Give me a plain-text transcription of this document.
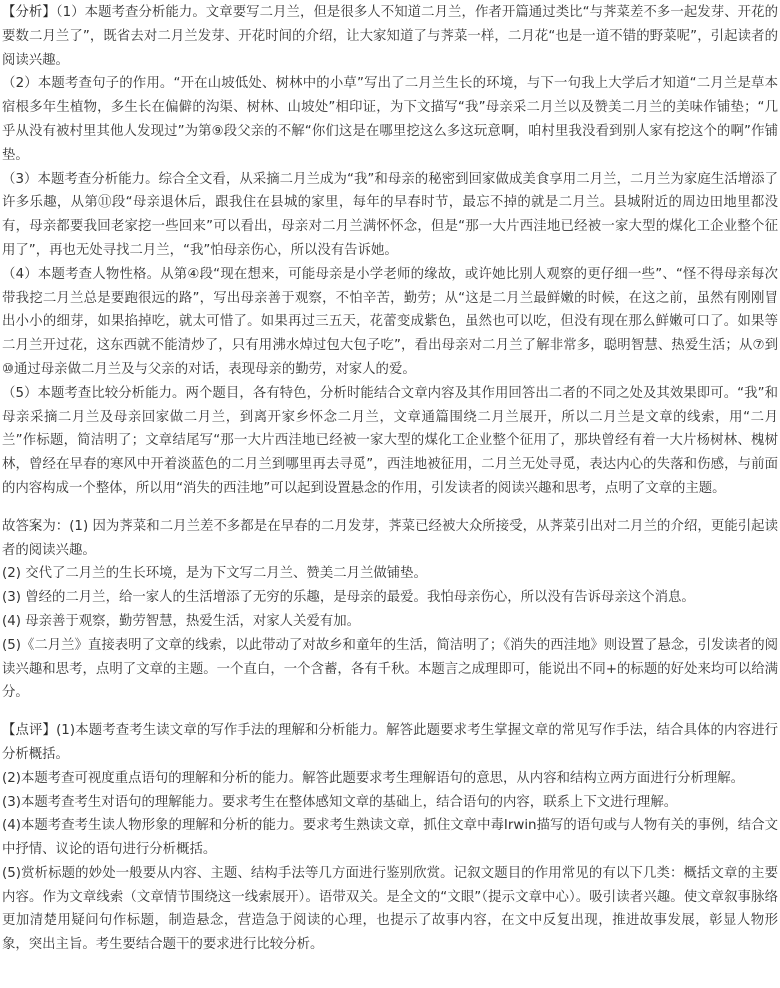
【分析】（1）本题考查分析能力。文章要写二月兰，但是很多人不知道二月兰，作者开篇通过类比“与荠菜差不多一起发芽、开花的要数二月兰了”，既省去对二月兰发芽、开花时间的介绍，让大家知道了与荠菜一样，二月花“也是一道不错的野菜呢”，引起读者的阅读兴趣。

（2）本题考查句子的作用。“开在山坡低处、树林中的小草”写出了二月兰生长的环境，与下一句我上大学后才知道“二月兰是草本宿根多年生植物，多生长在偏僻的沟渠、树林、山坡处”相印证，为下文描写“我”母亲采二月兰以及赞美二月兰的美味作铺垫；“几乎从没有被村里其他人发现过”为第⑨段父亲的不解“你们这是在哪里挖这么多这玩意啊，咱村里我没看到别人家有挖这个的啊”作铺垫。

（3）本题考查分析能力。综合全文看，从采摘二月兰成为“我”和母亲的秘密到回家做成美食享用二月兰，二月兰为家庭生活增添了许多乐趣，从第⑪段“母亲退休后，跟我住在县城的家里，每年的早春时节，最忘不掉的就是二月兰。县城附近的周边田地里都没有，母亲都要我回老家挖一些回来”可以看出，母亲对二月兰满怀怀念，但是“那一大片西洼地已经被一家大型的煤化工企业整个征用了”，再也无处寻找二月兰，“我”怕母亲伤心，所以没有告诉她。

（4）本题考查人物性格。从第④段“现在想来，可能母亲是小学老师的缘故，或许她比别人观察的更仔细一些”、“怪不得母亲每次带我挖二月兰总是要跑很远的路”，写出母亲善于观察，不怕辛苦，勤劳；从“这是二月兰最鲜嫩的时候，在这之前，虽然有刚刚冒出小小的细芽，如果掐掉吃，就太可惜了。如果再过三五天，花蕾变成紫色，虽然也可以吃，但没有现在那么鲜嫩可口了。如果等二月兰开过花，这东西就不能清炒了，只有用沸水焯过包大包子吃”，看出母亲对二月兰了解非常多，聪明智慧、热爱生活；从⑦到⑩通过母亲做二月兰及与父亲的对话，表现母亲的勤劳，对家人的爱。

（5）本题考查比较分析能力。两个题目，各有特色，分析时能结合文章内容及其作用回答出二者的不同之处及其效果即可。“我”和母亲采摘二月兰及母亲回家做二月兰，到离开家乡怀念二月兰，文章通篇围绕二月兰展开，所以二月兰是文章的线索，用“二月兰”作标题，简洁明了；文章结尾写“那一大片西洼地已经被一家大型的煤化工企业整个征用了，那块曾经有着一大片杨树林、槐树林，曾经在早春的寒风中开着淡蓝色的二月兰到哪里再去寻觅”，西洼地被征用，二月兰无处寻觅，表达内心的失落和伤感，与前面的内容构成一个整体，所以用“消失的西洼地”可以起到设置悬念的作用，引发读者的阅读兴趣和思考，点明了文章的主题。

故答案为：(1) 因为荠菜和二月兰差不多都是在早春的二月发芽，荠菜已经被大众所接受，从荠菜引出对二月兰的介绍，更能引起读者的阅读兴趣。

(2) 交代了二月兰的生长环境，是为下文写二月兰、赞美二月兰做铺垫。

(3) 曾经的二月兰，给一家人的生活增添了无穷的乐趣，是母亲的最爱。我怕母亲伤心，所以没有告诉母亲这个消息。

(4) 母亲善于观察，勤劳智慧，热爱生活，对家人关爱有加。

(5)《二月兰》直接表明了文章的线索，以此带动了对故乡和童年的生活，简洁明了；《消失的西洼地》则设置了悬念，引发读者的阅读兴趣和思考，点明了文章的主题。一个直白，一个含蓄，各有千秋。本题言之成理即可，能说出不同+的标题的好处来均可以给满分。

【点评】(1)本题考查考生读文章的写作手法的理解和分析能力。解答此题要求考生掌握文章的常见写作手法，结合具体的内容进行分析概括。

(2)本题考查可视度重点语句的理解和分析的能力。解答此题要求考生理解语句的意思，从内容和结构立两方面进行分析理解。

(3)本题考查考生对语句的理解能力。要求考生在整体感知文章的基础上，结合语句的内容，联系上下文进行理解。

(4)本题考查考生读人物形象的理解和分析的能力。要求考生熟读文章，抓住文章中毒Irwin描写的语句或与人物有关的事例，结合文中抒情、议论的语句进行分析概括。

(5)赏析标题的妙处一般要从内容、主题、结构手法等几方面进行鉴别欣赏。记叙文题目的作用常见的有以下几类：概括文章的主要内容。作为文章线索（文章情节围绕这一线索展开）。语带双关。是全文的“文眼”（提示文章中心）。吸引读者兴趣。使文章叙事脉络更加清楚用疑问句作标题，制造悬念，营造急于阅读的心理，也提示了故事内容，在文中反复出现，推进故事发展，彰显人物形象，突出主旨。考生要结合题干的要求进行比较分析。
